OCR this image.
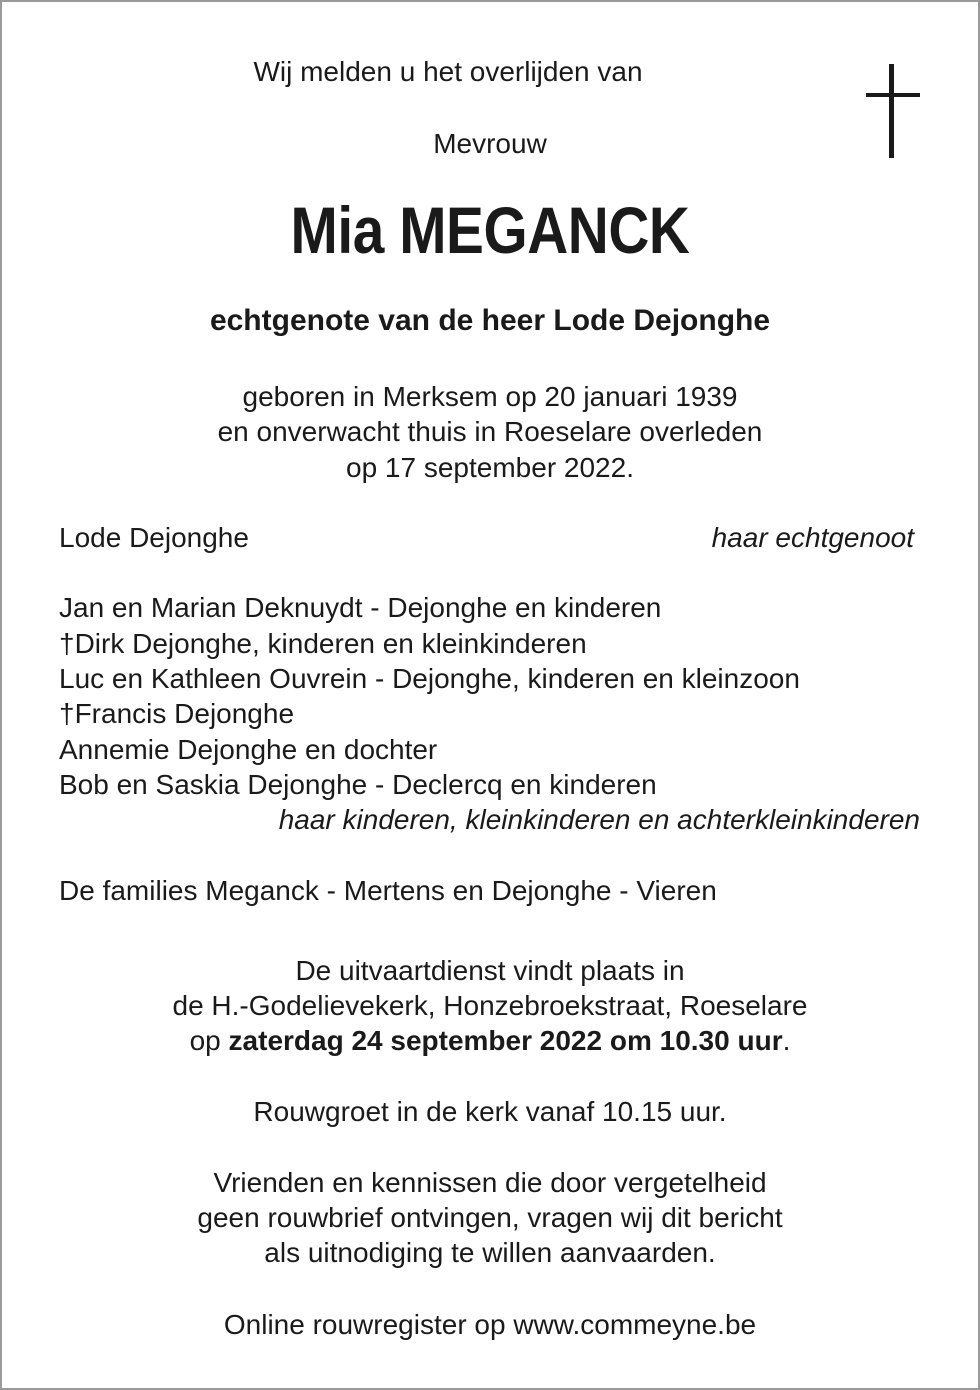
Wij melden u het overlijden van
Mevrouw
Mia MEGANCK
echtgenote van de heer Lode Dejonghe
geboren in Merksem op 20 januari 1939
en onverwacht thuis in Roeselare overleden
op 17 september 2022.
Lode Dejonghe	haar echtgenoot
Jan en Marian Deknuydt - Dejonghe en kinderen
†Dirk Dejonghe, kinderen en kleinkinderen
Luc en Kathleen Ouvrein - Dejonghe, kinderen en kleinzoon
†Francis Dejonghe
Annemie Dejonghe en dochter
Bob en Saskia Dejonghe - Declercq en kinderen
haar kinderen, kleinkinderen en achterkleinkinderen
De families Meganck - Mertens en Dejonghe - Vieren
De uitvaartdienst vindt plaats in
de H.-Godelievekerk, Honzebroekstraat, Roeselare
op zaterdag 24 september 2022 om 10.30 uur.
Rouwgroet in de kerk vanaf 10.15 uur.
Vrienden en kennissen die door vergetelheid
geen rouwbrief ontvingen, vragen wij dit bericht
als uitnodiging te willen aanvaarden.
Online rouwregister op www.commeyne.be
